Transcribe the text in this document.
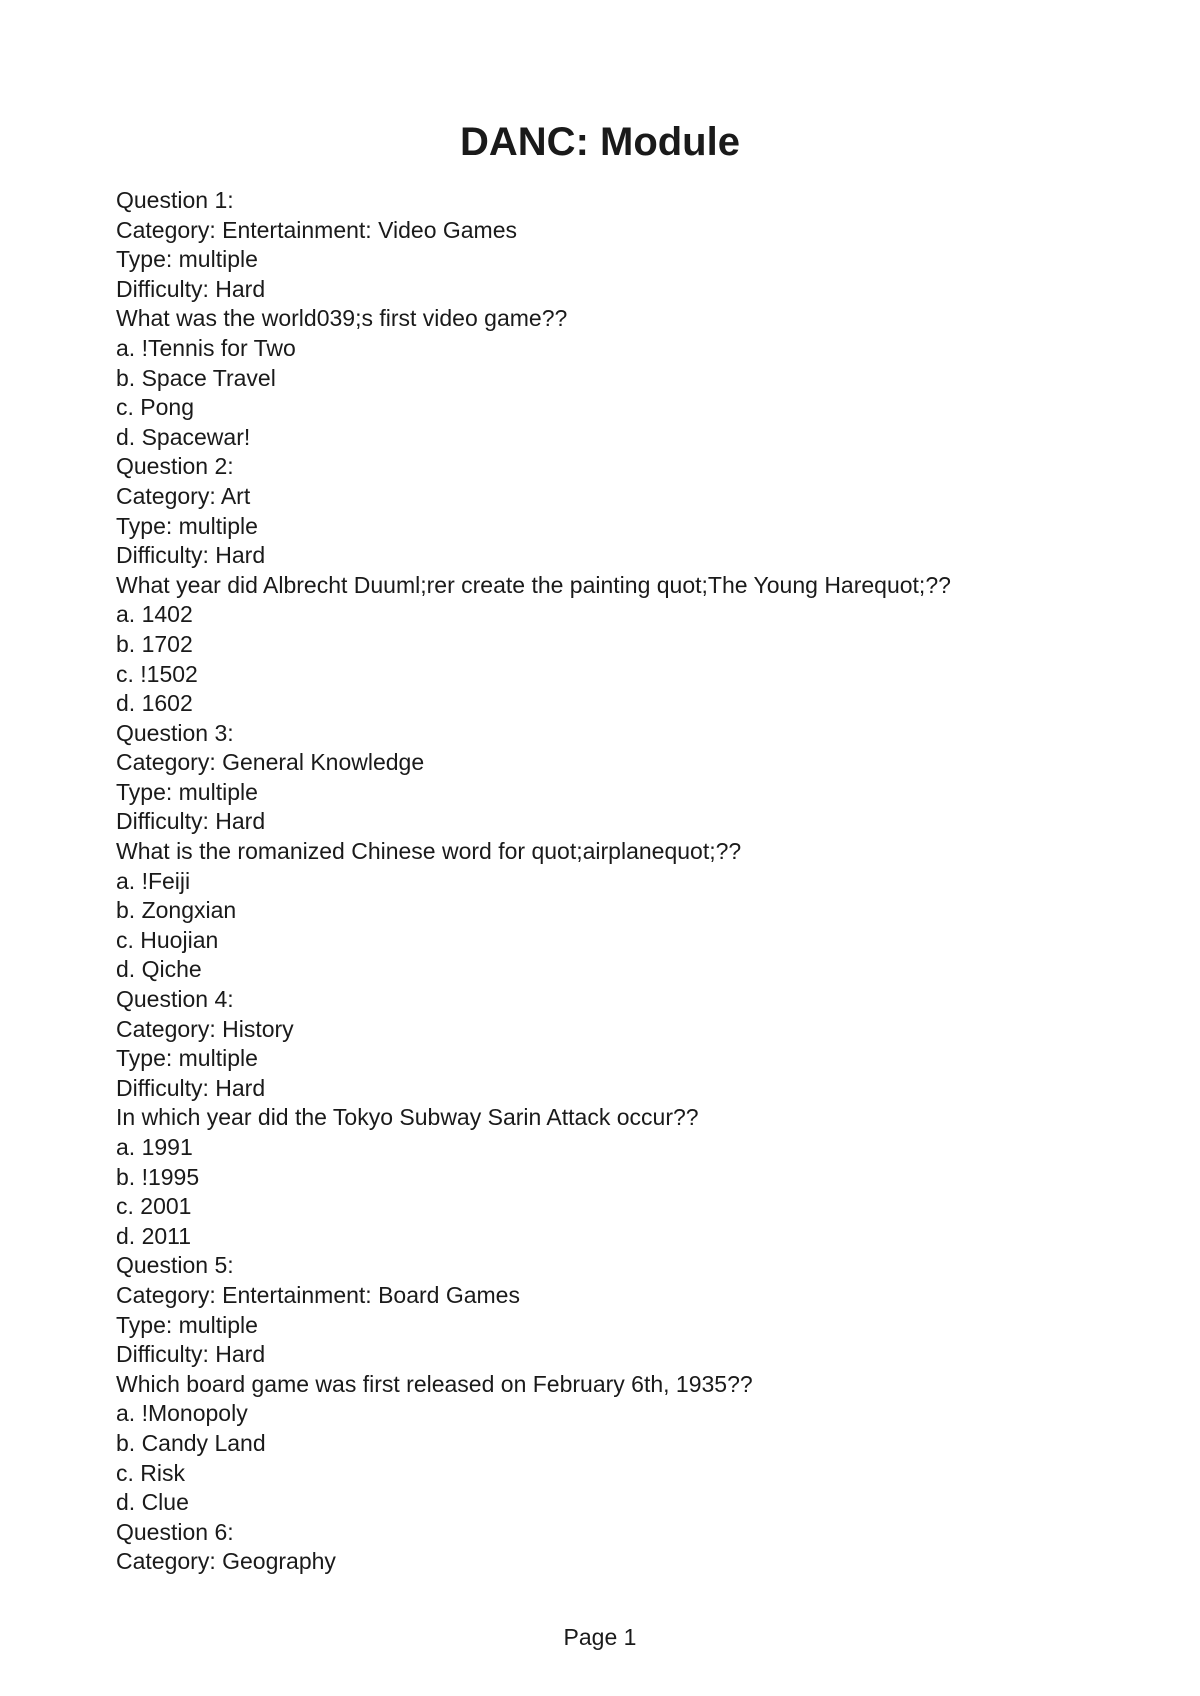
DANC: Module
Question 1:
Category: Entertainment: Video Games
Type: multiple
Difficulty: Hard
What was the world039;s first video game??
a. !Tennis for Two
b. Space Travel
c. Pong
d. Spacewar!
Question 2:
Category: Art
Type: multiple
Difficulty: Hard
What year did Albrecht Duuml;rer create the painting quot;The Young Harequot;??
a. 1402
b. 1702
c. !1502
d. 1602
Question 3:
Category: General Knowledge
Type: multiple
Difficulty: Hard
What is the romanized Chinese word for quot;airplanequot;??
a. !Feiji
b. Zongxian
c. Huojian
d. Qiche
Question 4:
Category: History
Type: multiple
Difficulty: Hard
In which year did the Tokyo Subway Sarin Attack occur??
a. 1991
b. !1995
c. 2001
d. 2011
Question 5:
Category: Entertainment: Board Games
Type: multiple
Difficulty: Hard
Which board game was first released on February 6th, 1935??
a. !Monopoly
b. Candy Land
c. Risk
d. Clue
Question 6:
Category: Geography
Page 1
